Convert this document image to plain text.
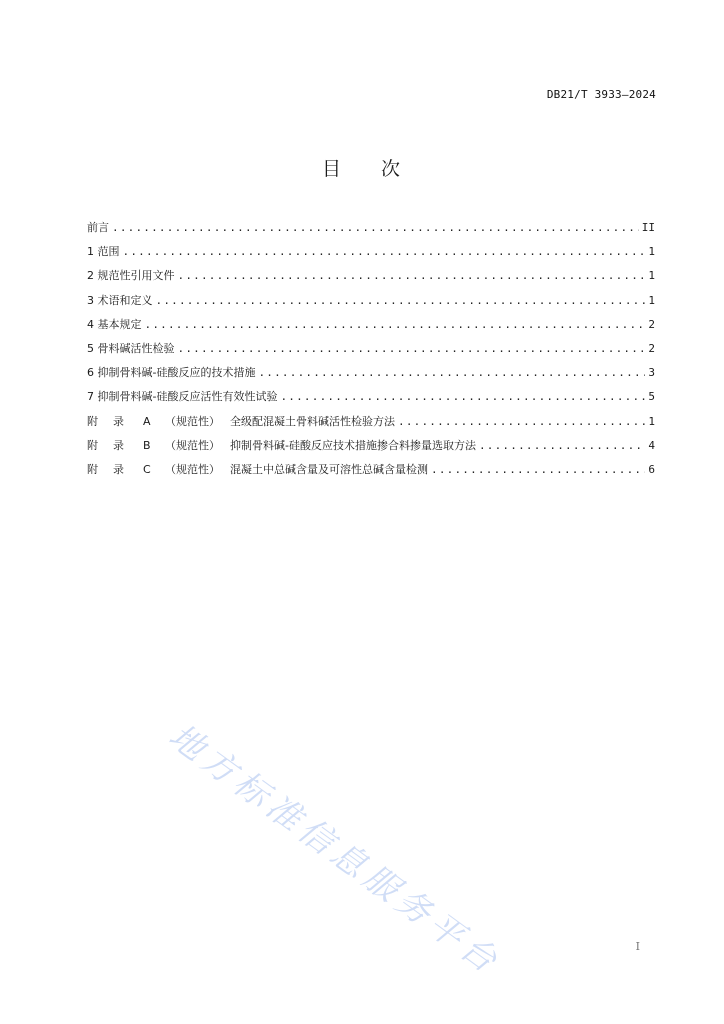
DB21/T 3933—2024
目 次
前言 .....	II
1 范围 .....	1
2 规范性引用文件 .....	1
3 术语和定义 .....	1
4 基本规定 .....	2
5 骨料碱活性检验 .....	2
6 抑制骨料碱-硅酸反应的技术措施 .....	3
7 抑制骨料碱-硅酸反应活性有效性试验 .....	5
附 录 A （规范性） 全级配混凝土骨料碱活性检验方法 .....	1
附 录 B （规范性） 抑制骨料碱-硅酸反应技术措施掺合料掺量选取方法 .....	4
附 录 C （规范性） 混凝土中总碱含量及可溶性总碱含量检测 .....	6
地方标准信息服务平台	I
